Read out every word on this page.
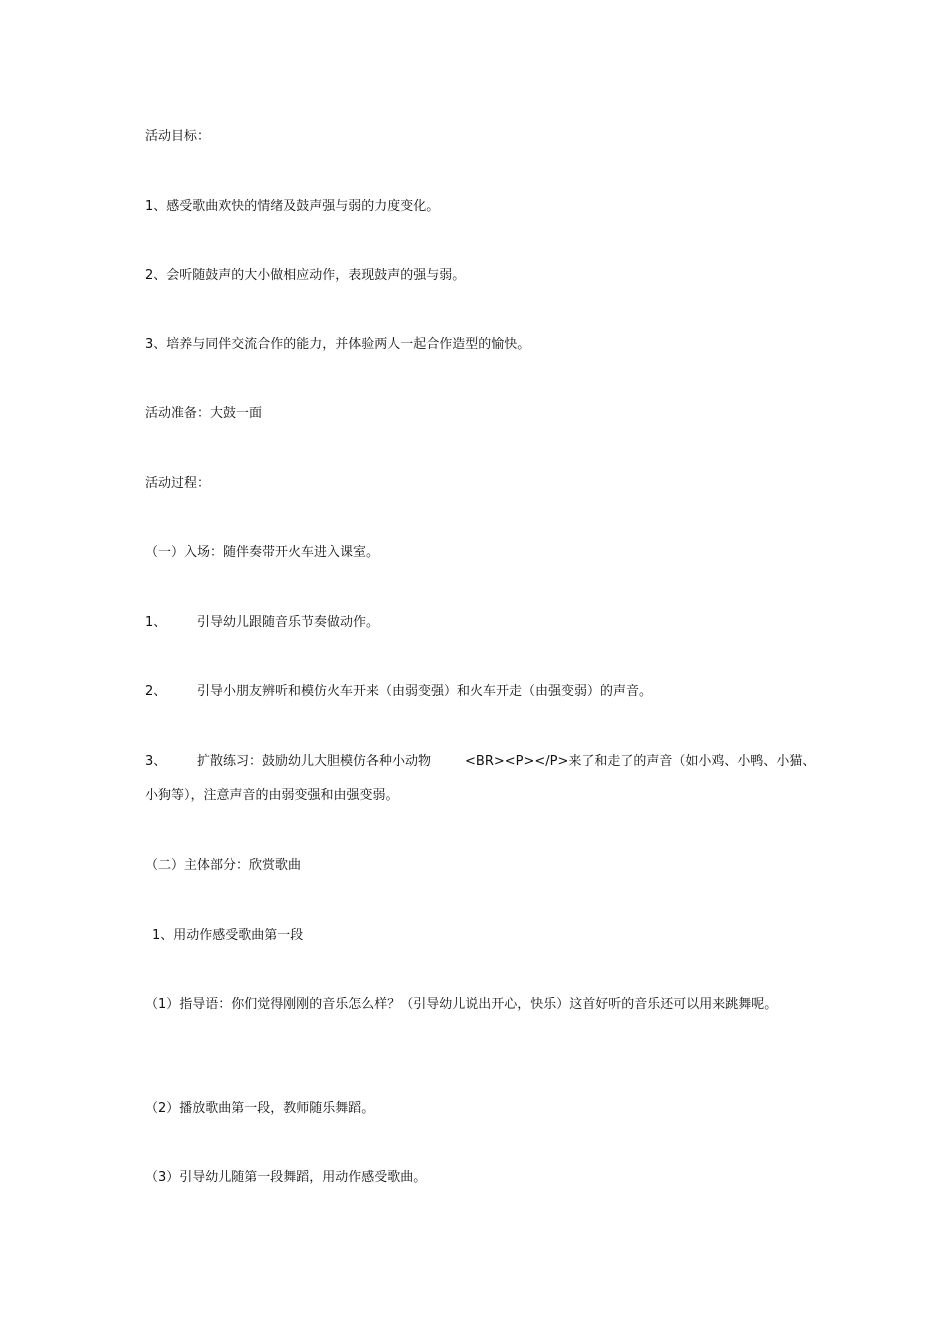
活动目标：
1、感受歌曲欢快的情绪及鼓声强与弱的力度变化。
2、会听随鼓声的大小做相应动作，表现鼓声的强与弱。
3、培养与同伴交流合作的能力，并体验两人一起合作造型的愉快。
活动准备：大鼓一面
活动过程：
（一）入场：随伴奏带开火车进入课室。
1、 引导幼儿跟随音乐节奏做动作。
2、 引导小朋友辨听和模仿火车开来（由弱变强）和火车开走（由强变弱）的声音。
3、 扩散练习：鼓励幼儿大胆模仿各种小动物	<BR><P></P>来了和走了的声音（如小鸡、小鸭、小猫、小狗等），注意声音的由弱变强和由强变弱。
（二）主体部分：欣赏歌曲
1、用动作感受歌曲第一段
（1）指导语：你们觉得刚刚的音乐怎么样？（引导幼儿说出开心，快乐）这首好听的音乐还可以用来跳舞呢。
（2）播放歌曲第一段，教师随乐舞蹈。
（3）引导幼儿随第一段舞蹈，用动作感受歌曲。
